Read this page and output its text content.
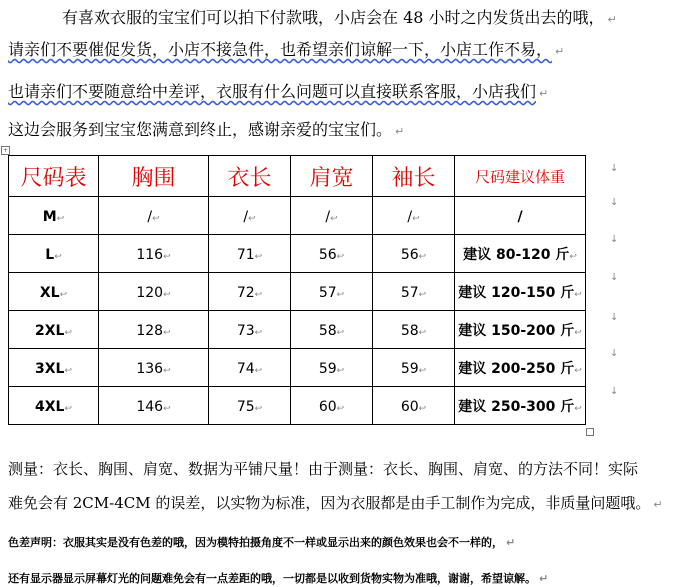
有喜欢衣服的宝宝们可以拍下付款哦，小店会在 48 小时之内发货出去的哦， ↵
请亲们不要催促发货，小店不接急件，也希望亲们谅解一下，小店工作不易， ↵
也请亲们不要随意给中差评，衣服有什么问题可以直接联系客服，小店我们 ↵
这边会服务到宝宝您满意到终止，感谢亲爱的宝宝们。 ↵
+
尺码表	胸围	衣长	肩宽	袖长	尺码建议体重
M↩	/↩	/↩	/↩	/↩	/
L↩	116↩	71↩	56↩	56↩	建议 80-120 斤↩
XL↩	120↩	72↩	57↩	57↩	建议 120-150 斤↩
2XL↩	128↩	73↩	58↩	58↩	建议 150-200 斤↩
3XL↩	136↩	74↩	59↩	59↩	建议 200-250 斤↩
4XL↩	146↩	75↩	60↩	60↩	建议 250-300 斤↩
↓
↓
↓
↓
↓
↓
↓
测量：衣长、胸围、肩宽、数据为平铺尺量！由于测量：衣长、胸围、肩宽、的方法不同！实际
难免会有 2CM-4CM 的误差，以实物为标准，因为衣服都是由手工制作为完成，非质量问题哦。 ↵
色差声明：衣服其实是没有色差的哦，因为模特拍摄角度不一样或显示出来的颜色效果也会不一样的， ↵
还有显示器显示屏幕灯光的问题难免会有一点差距的哦，一切都是以收到货物实物为准哦，谢谢，希望谅解。 ↵
